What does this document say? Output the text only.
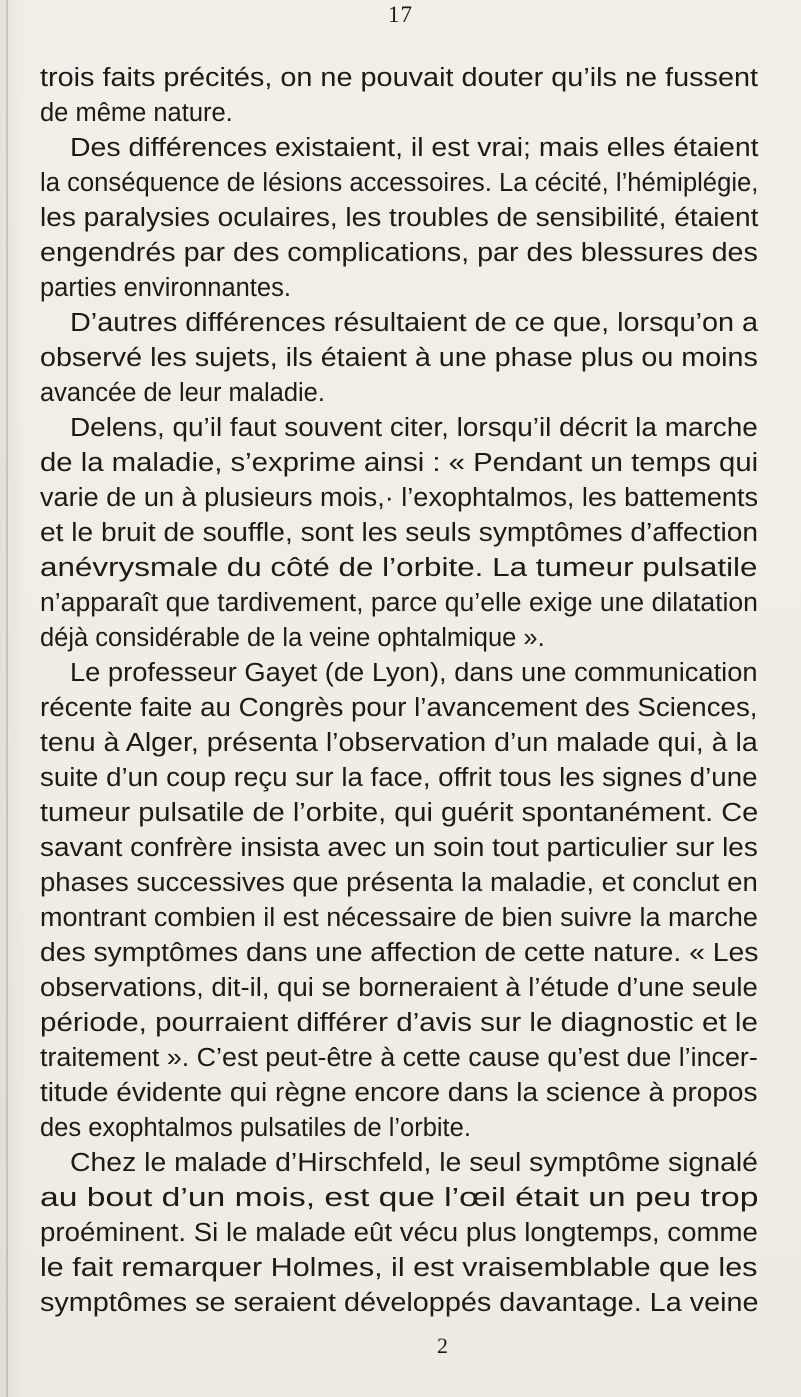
17
trois faits précités, on ne pouvait douter qu’ils ne fussent
de même nature.
Des différences existaient, il est vrai; mais elles étaient
la conséquence de lésions accessoires. La cécité, l’hémiplégie,
les paralysies oculaires, les troubles de sensibilité, étaient
engendrés par des complications, par des blessures des
parties environnantes.
D’autres différences résultaient de ce que, lorsqu’on a
observé les sujets, ils étaient à une phase plus ou moins
avancée de leur maladie.
Delens, qu’il faut souvent citer, lorsqu’il décrit la marche
de la maladie, s’exprime ainsi : « Pendant un temps qui
varie de un à plusieurs mois,· l’exophtalmos, les battements
et le bruit de souffle, sont les seuls symptômes d’affection
anévrysmale du côté de l’orbite. La tumeur pulsatile
n’apparaît que tardivement, parce qu’elle exige une dilatation
déjà considérable de la veine ophtalmique ».
Le professeur Gayet (de Lyon), dans une communication
récente faite au Congrès pour l’avancement des Sciences,
tenu à Alger, présenta l’observation d’un malade qui, à la
suite d’un coup reçu sur la face, offrit tous les signes d’une
tumeur pulsatile de l’orbite, qui guérit spontanément. Ce
savant confrère insista avec un soin tout particulier sur les
phases successives que présenta la maladie, et conclut en
montrant combien il est nécessaire de bien suivre la marche
des symptômes dans une affection de cette nature. « Les
observations, dit-il, qui se borneraient à l’étude d’une seule
période, pourraient différer d’avis sur le diagnostic et le
traitement ». C’est peut-être à cette cause qu’est due l’incer-
titude évidente qui règne encore dans la science à propos
des exophtalmos pulsatiles de l’orbite.
Chez le malade d’Hirschfeld, le seul symptôme signalé
au bout d’un mois, est que l’œil était un peu trop
proéminent. Si le malade eût vécu plus longtemps, comme
le fait remarquer Holmes, il est vraisemblable que les
symptômes se seraient développés davantage. La veine
2
